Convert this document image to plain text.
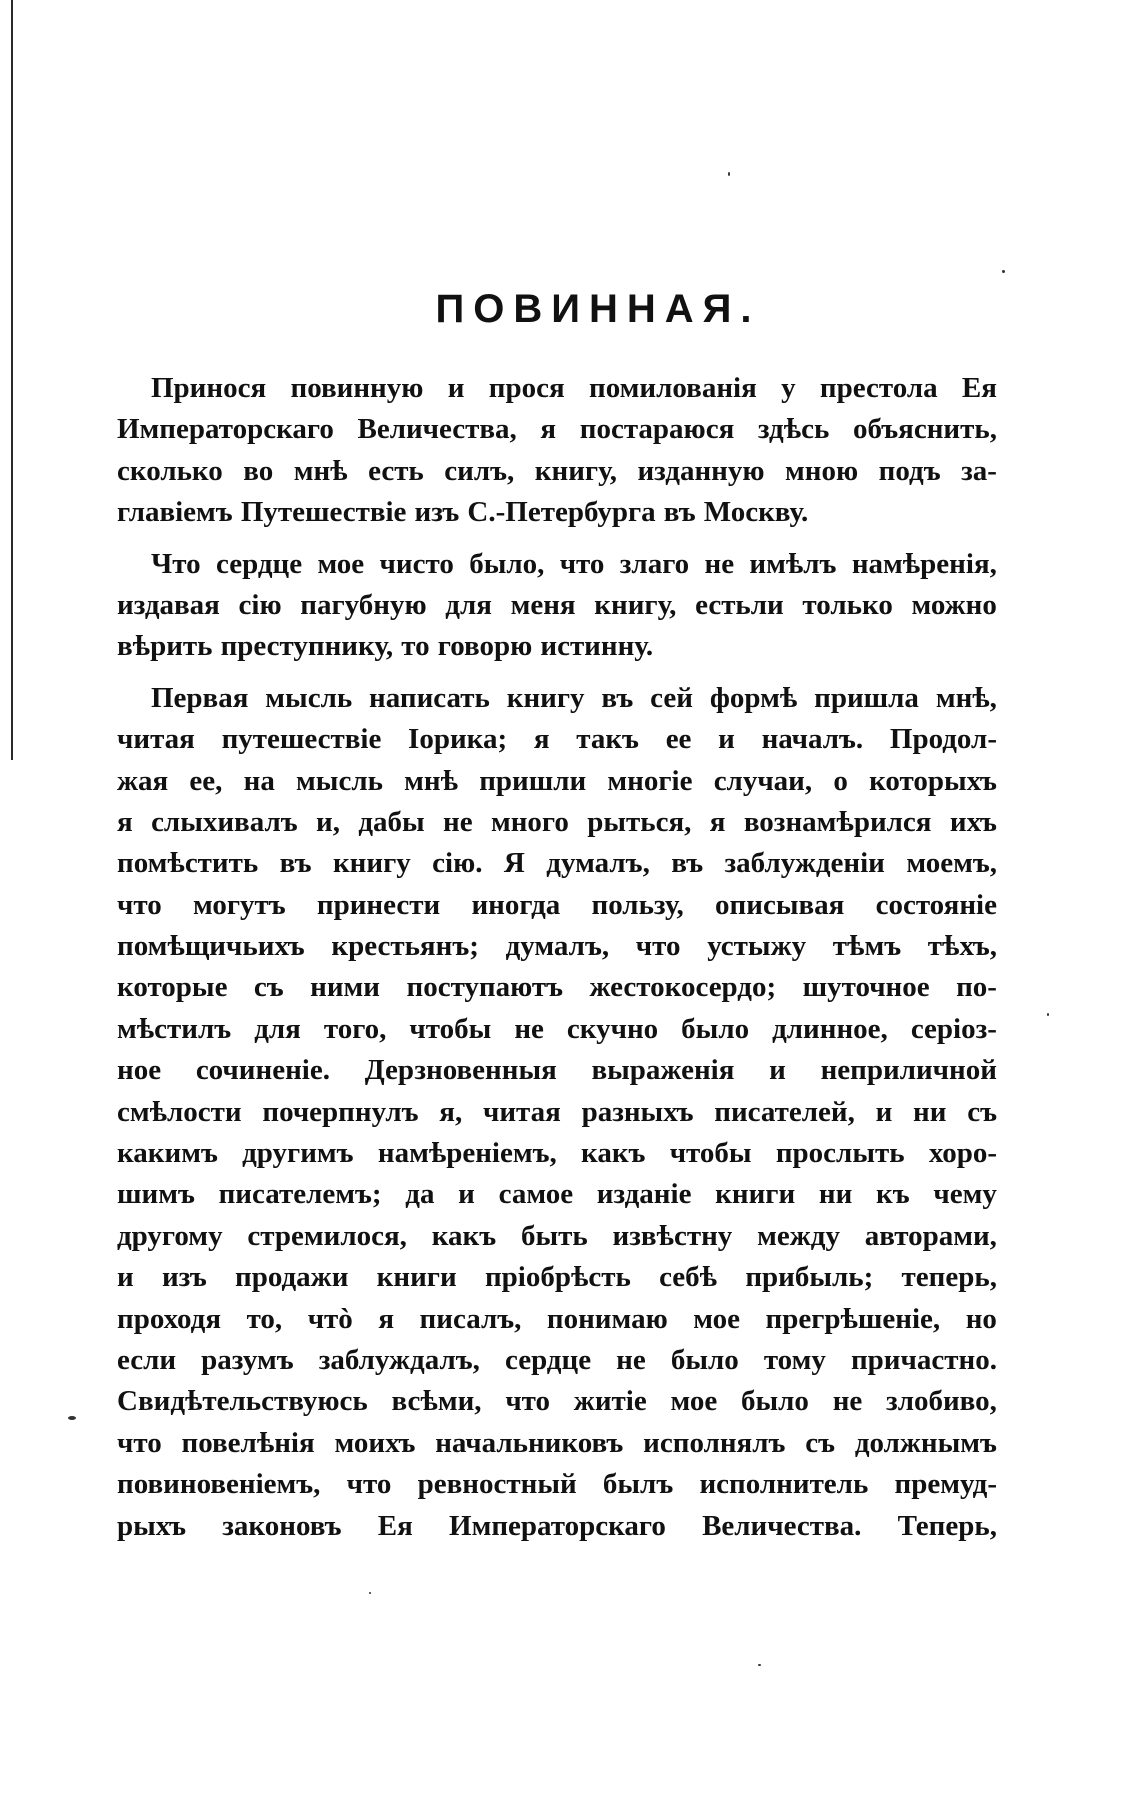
ПОВИННАЯ.
Принося повинную и прося помилованія у престола Ея
Императорскаго Величества, я постараюся здѣсь объяснить,
сколько во мнѣ есть силъ, книгу, изданную мною подъ за-
главіемъ Путешествіе изъ С.-Петербурга въ Москву.
Что сердце мое чисто было, что злаго не имѣлъ намѣренія,
издавая сію пагубную для меня книгу, естьли только можно
вѣрить преступнику, то говорю истинну.
Первая мысль написать книгу въ сей формѣ пришла мнѣ,
читая путешествіе Іорика; я такъ ее и началъ. Продол-
жая ее, на мысль мнѣ пришли многіе случаи, о которыхъ
я слыхивалъ и, дабы не много рыться, я вознамѣрился ихъ
помѣстить въ книгу сію. Я думалъ, въ заблужденіи моемъ,
что могутъ принести иногда пользу, описывая состояніе
помѣщичьихъ крестьянъ; думалъ, что устыжу тѣмъ тѣхъ,
которые съ ними поступаютъ жестокосердо; шуточное по-
мѣстилъ для того, чтобы не скучно было длинное, серіоз-
ное сочиненіе. Дерзновенныя выраженія и неприличной
смѣлости почерпнулъ я, читая разныхъ писателей, и ни съ
какимъ другимъ намѣреніемъ, какъ чтобы прослыть хоро-
шимъ писателемъ; да и самое изданіе книги ни къ чему
другому стремилося, какъ быть извѣстну между авторами,
и изъ продажи книги пріобрѣсть себѣ прибыль; теперь,
проходя то, чтò я писалъ, понимаю мое прегрѣшеніе, но
если разумъ заблуждалъ, сердце не было тому причастно.
Свидѣтельствуюсь всѣми, что житіе мое было не злобиво,
что повелѣнія моихъ начальниковъ исполнялъ съ должнымъ
повиновеніемъ, что ревностный былъ исполнитель премуд-
рыхъ законовъ Ея Императорскаго Величества. Теперь,
